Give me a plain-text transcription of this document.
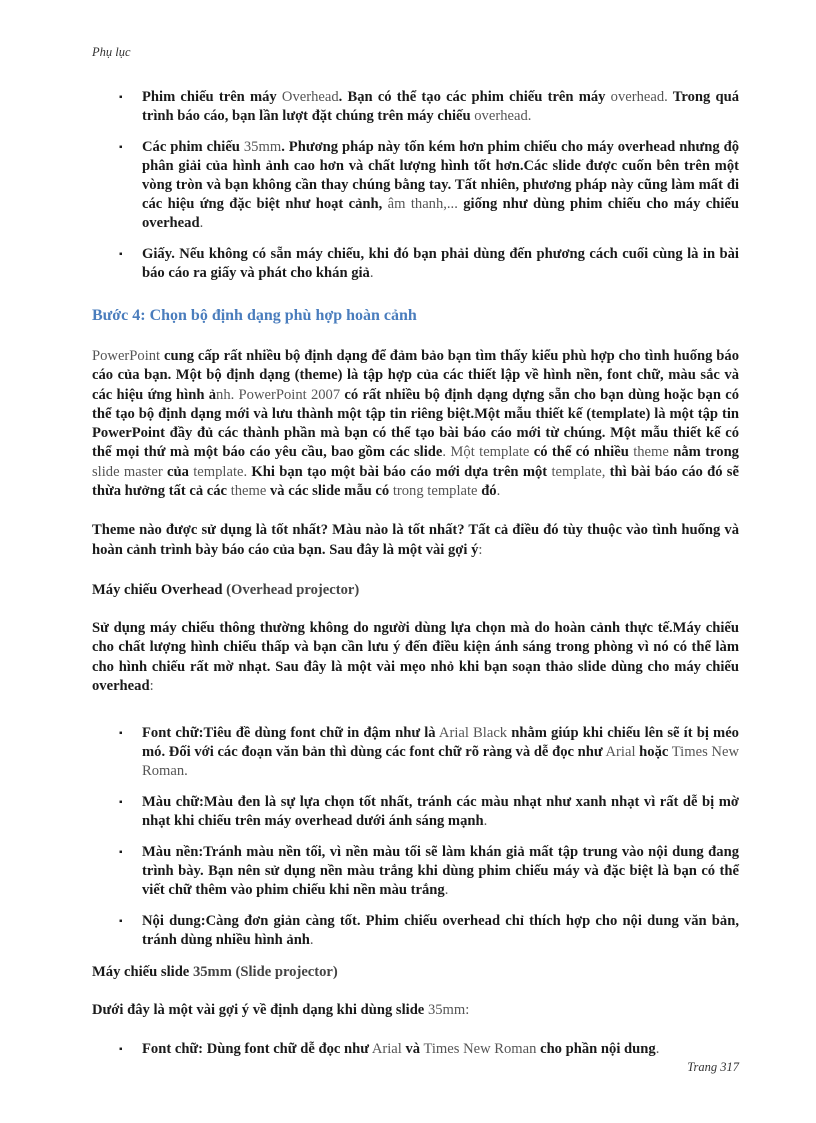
Phụ lục
▪ Phim chiếu trên máy Overhead. Bạn có thể tạo các phim chiếu trên máy overhead. Trong quá trình báo cáo, bạn lần lượt đặt chúng trên máy chiếu overhead.
▪ Các phim chiếu 35mm. Phương pháp này tốn kém hơn phim chiếu cho máy overhead nhưng độ phân giải của hình ảnh cao hơn và chất lượng hình tốt hơn.Các slide được cuốn bên trên một vòng tròn và bạn không cần thay chúng bằng tay. Tất nhiên, phương pháp này cũng làm mất đi các hiệu ứng đặc biệt như hoạt cảnh, âm thanh,... giống như dùng phim chiếu cho máy chiếu overhead.
▪ Giấy. Nếu không có sẵn máy chiếu, khi đó bạn phải dùng đến phương cách cuối cùng là in bài báo cáo ra giấy và phát cho khán giả.
Bước 4: Chọn bộ định dạng phù hợp hoàn cảnh

PowerPoint cung cấp rất nhiều bộ định dạng để đảm bảo bạn tìm thấy kiểu phù hợp cho tình huống báo cáo của bạn. Một bộ định dạng (theme) là tập hợp của các thiết lập về hình nền, font chữ, màu sắc và các hiệu ứng hình ảnh. PowerPoint 2007 có rất nhiều bộ định dạng dựng sẵn cho bạn dùng hoặc bạn có thể tạo bộ định dạng mới và lưu thành một tập tin riêng biệt.Một mẫu thiết kế (template) là một tập tin PowerPoint đầy đủ các thành phần mà bạn có thể tạo bài báo cáo mới từ chúng. Một mẫu thiết kế có thể mọi thứ mà một báo cáo yêu cầu, bao gồm các slide. Một template có thể có nhiều theme nằm trong slide master của template. Khi bạn tạo một bài báo cáo mới dựa trên một template, thì bài báo cáo đó sẽ thừa hưởng tất cả các theme và các slide mẫu có trong template đó.

Theme nào được sử dụng là tốt nhất? Màu nào là tốt nhất? Tất cả điều đó tùy thuộc vào tình huống và hoàn cảnh trình bày báo cáo của bạn. Sau đây là một vài gợi ý:

Máy chiếu Overhead (Overhead projector)

Sử dụng máy chiếu thông thường không do người dùng lựa chọn mà do hoàn cảnh thực tế.Máy chiếu cho chất lượng hình chiếu thấp và bạn cần lưu ý đến điều kiện ánh sáng trong phòng vì nó có thể làm cho hình chiếu rất mờ nhạt. Sau đây là một vài mẹo nhỏ khi bạn soạn thảo slide dùng cho máy chiếu overhead:

▪ Font chữ:Tiêu đề dùng font chữ in đậm như là Arial Black nhằm giúp khi chiếu lên sẽ ít bị méo mó. Đối với các đoạn văn bản thì dùng các font chữ rõ ràng và dễ đọc như Arial hoặc Times New Roman.
▪ Màu chữ:Màu đen là sự lựa chọn tốt nhất, tránh các màu nhạt như xanh nhạt vì rất dễ bị mờ nhạt khi chiếu trên máy overhead dưới ánh sáng mạnh.
▪ Màu nền:Tránh màu nền tối, vì nền màu tối sẽ làm khán giả mất tập trung vào nội dung đang trình bày. Bạn nên sử dụng nền màu trắng khi dùng phim chiếu máy và đặc biệt là bạn có thể viết chữ thêm vào phim chiếu khi nền màu trắng.
▪ Nội dung:Càng đơn giản càng tốt. Phim chiếu overhead chỉ thích hợp cho nội dung văn bản, tránh dùng nhiều hình ảnh.

Máy chiếu slide 35mm (Slide projector)

Dưới đây là một vài gợi ý về định dạng khi dùng slide 35mm:

▪ Font chữ: Dùng font chữ dễ đọc như Arial và Times New Roman cho phần nội dung.
Trang 317
